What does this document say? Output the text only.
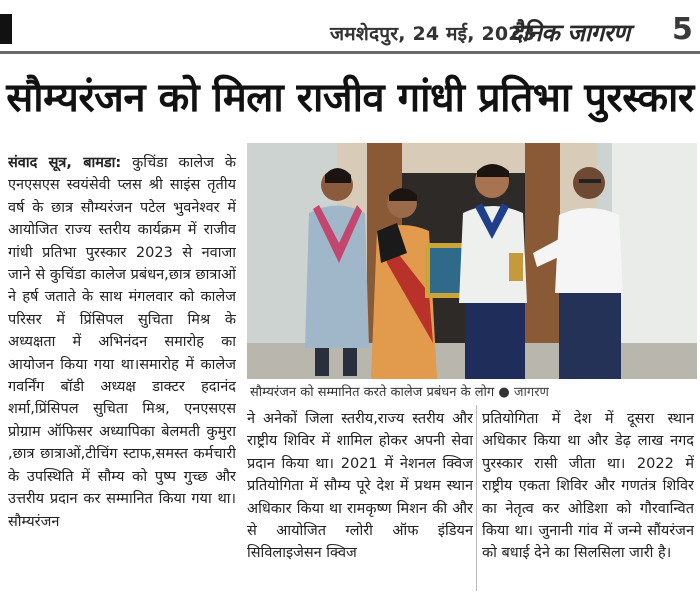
जमशेदपुर, 24 मई, 2023
दैनिक जागरण 5
सौम्यरंजन को मिला राजीव गांधी प्रतिभा पुरस्कार
संवाद सूत्र, बामडा: कुचिंडा कालेज के एनएसएस स्वयंसेवी प्लस श्री साइंस तृतीय वर्ष के छात्र सौम्यरंजन पटेल भुवनेश्वर में आयोजित राज्य स्तरीय कार्यक्रम में राजीव गांधी प्रतिभा पुरस्कार 2023 से नवाजा जाने से कुचिंडा कालेज प्रबंधन,छात्र छात्राओं ने हर्ष जताते के साथ मंगलवार को कालेज परिसर में प्रिंसिपल सुचिता मिश्र के अध्यक्षता में अभिनंदन समारोह का आयोजन किया गया था।समारोह में कालेज गवर्निंग बॉडी अध्यक्ष डाक्टर हदानंद शर्मा,प्रिंसिपल सुचिता मिश्र, एनएसएस प्रोग्राम ऑफिसर अध्यापिका बेलमती कुमुरा ,छात्र छात्राओं,टीचिंग स्टाफ,समस्त कर्मचारी के उपस्थिति में सौम्य को पुष्प गुच्छ और उत्तरीय प्रदान कर सम्मानित किया गया था। सौम्यरंजन
सौम्यरंजन को सम्मानित करते कालेज प्रबंधन के लोग ● जागरण
ने अनेकों जिला स्तरीय,राज्य स्तरीय और राष्ट्रीय शिविर में शामिल होकर अपनी सेवा प्रदान किया था। 2021 में नेशनल क्विज प्रतियोगिता में सौम्य पूरे देश में प्रथम स्थान अधिकार किया था रामकृष्ण मिशन की और से आयोजित ग्लोरी ऑफ इंडियन सिविलाइजेसन क्विज
प्रतियोगिता में देश में दूसरा स्थान अधिकार किया था और डेढ़ लाख नगद पुरस्कार रासी जीता था। 2022 में राष्ट्रीय एकता शिविर और गणतंत्र शिविर का नेतृत्व कर ओडिशा को गौरवान्वित किया था। जुनानी गांव में जन्मे सौंयरंजन को बधाई देने का सिलसिला जारी है।
